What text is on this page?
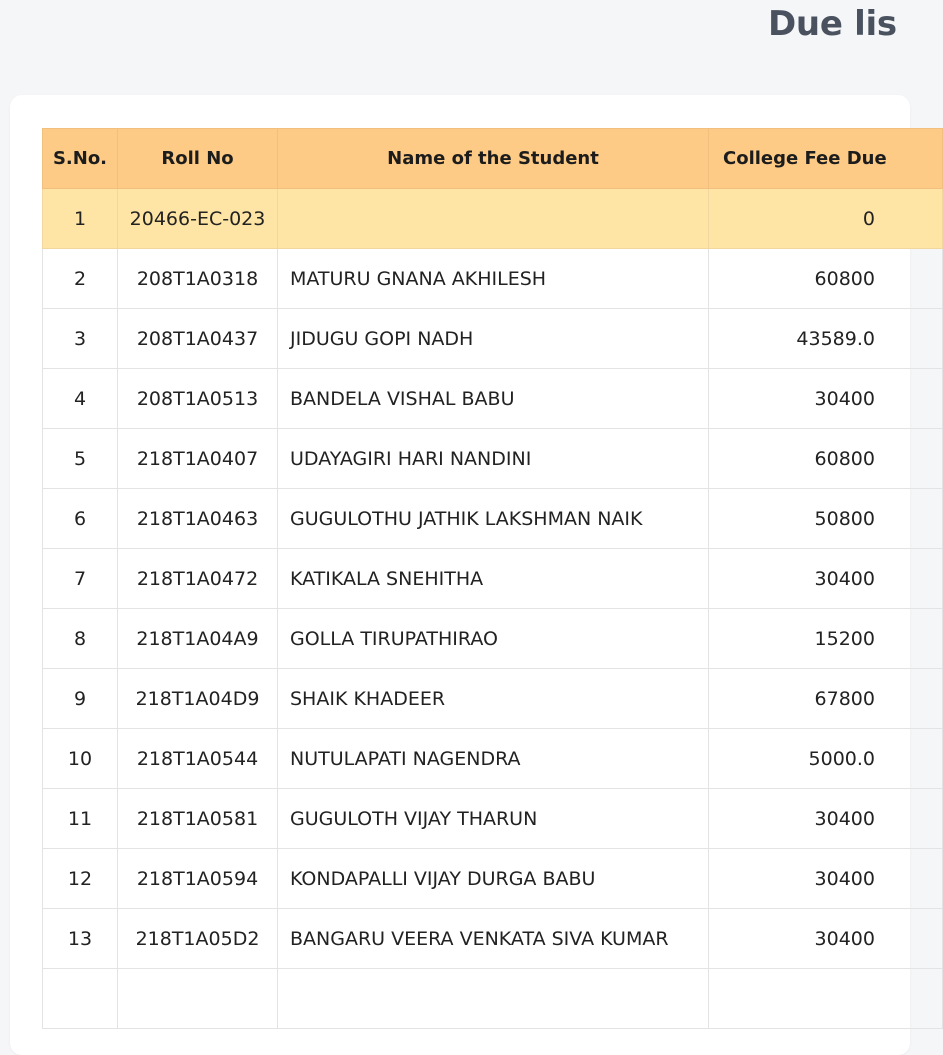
Due lis
S.No.	Roll No	Name of the Student	College Fee Due
1	20466-EC-023		0

2	208T1A0318	MATURU GNANA AKHILESH	60800

3	208T1A0437	JIDUGU GOPI NADH	43589.0

4	208T1A0513	BANDELA VISHAL BABU	30400

5	218T1A0407	UDAYAGIRI HARI NANDINI	60800

6	218T1A0463	GUGULOTHU JATHIK LAKSHMAN NAIK	50800

7	218T1A0472	KATIKALA SNEHITHA	30400

8	218T1A04A9	GOLLA TIRUPATHIRAO	15200

9	218T1A04D9	SHAIK KHADEER	67800

10	218T1A0544	NUTULAPATI NAGENDRA	5000.0

11	218T1A0581	GUGULOTH VIJAY THARUN	30400

12	218T1A0594	KONDAPALLI VIJAY DURGA BABU	30400

13	218T1A05D2	BANGARU VEERA VENKATA SIVA KUMAR	30400
